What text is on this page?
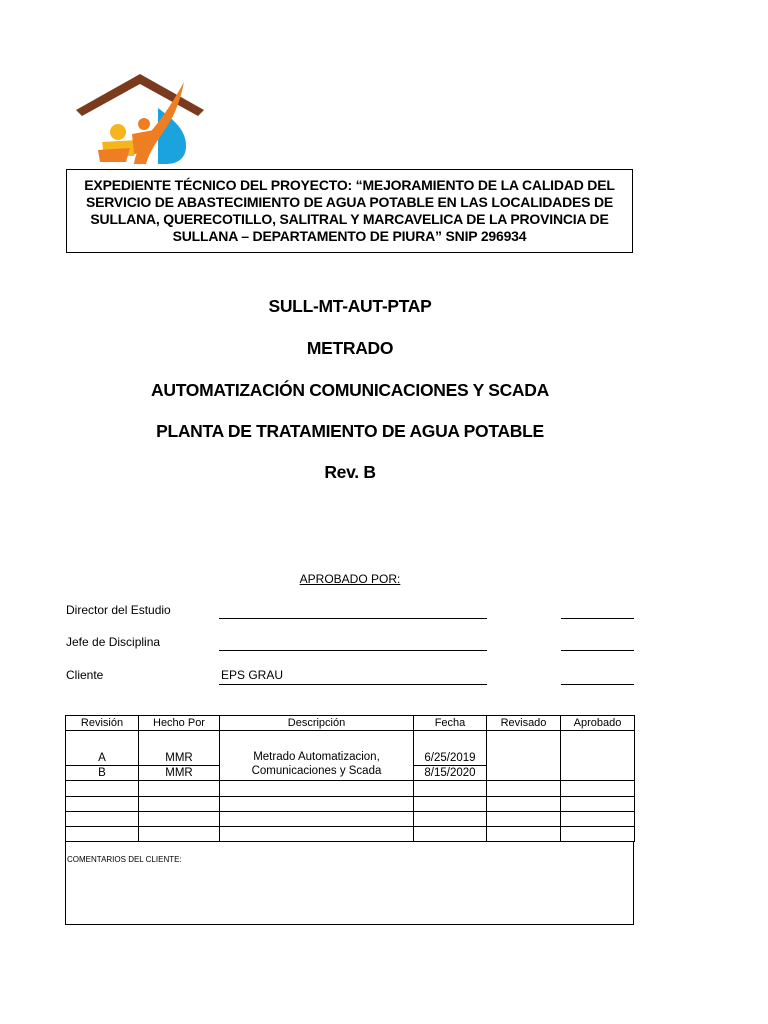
EXPEDIENTE TÉCNICO DEL PROYECTO: “MEJORAMIENTO DE LA CALIDAD DEL SERVICIO DE ABASTECIMIENTO DE AGUA POTABLE EN LAS LOCALIDADES DE SULLANA, QUERECOTILLO, SALITRAL Y MARCAVELICA DE LA PROVINCIA DE SULLANA – DEPARTAMENTO DE PIURA” SNIP 296934
SULL-MT-AUT-PTAP
METRADO
AUTOMATIZACIÓN COMUNICACIONES Y SCADA
PLANTA DE TRATAMIENTO DE AGUA POTABLE
Rev. B
APROBADO POR:
Director del Estudio
Jefe de Disciplina
Cliente	EPS GRAU
Revisión	Hecho Por	Descripción	Fecha	Revisado	Aprobado

A	MMR	Metrado Automatizacion, Comunicaciones y Scada	6/25/2019		

B	MMR		8/15/2020		

COMENTARIOS DEL CLIENTE:
